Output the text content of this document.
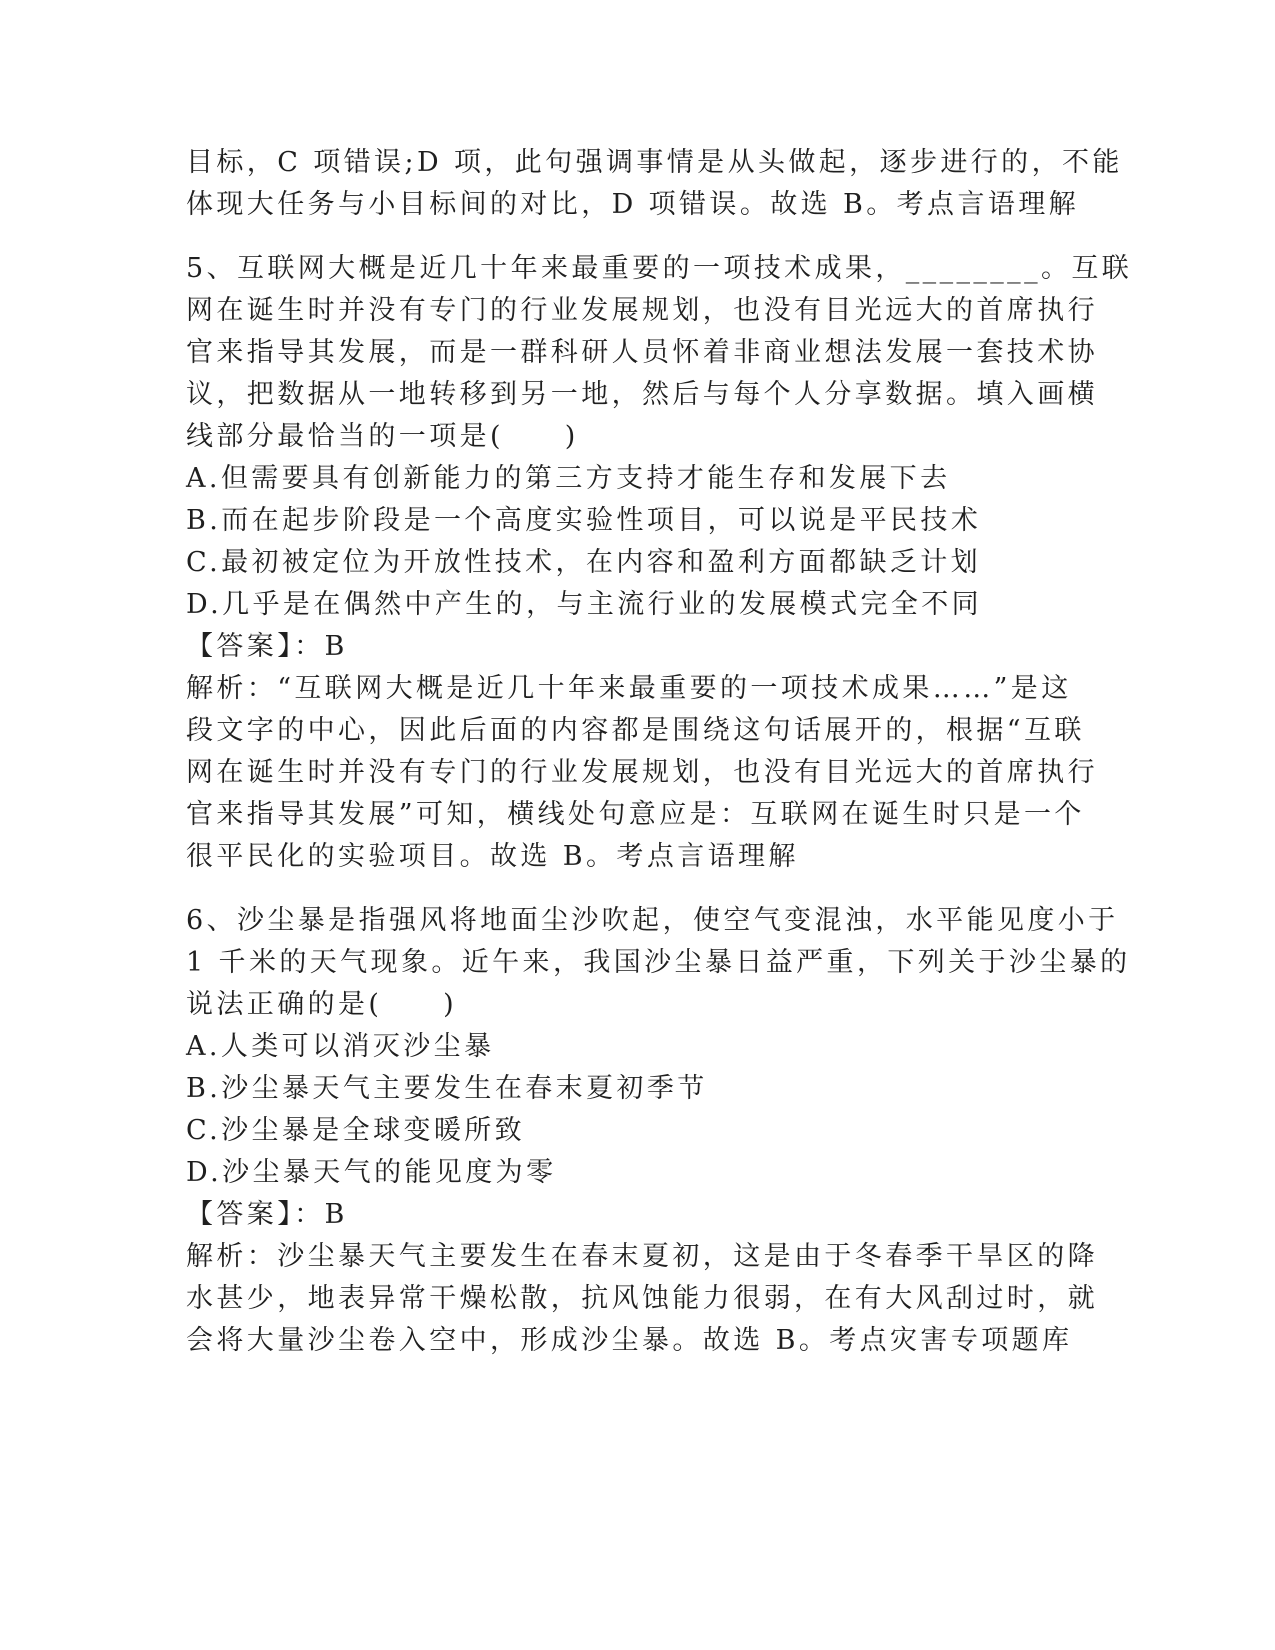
目标，C 项错误;D 项，此句强调事情是从头做起，逐步进行的，不能
体现大任务与小目标间的对比，D 项错误。故选 B。考点言语理解
5、互联网大概是近几十年来最重要的一项技术成果，________。互联
网在诞生时并没有专门的行业发展规划，也没有目光远大的首席执行
官来指导其发展，而是一群科研人员怀着非商业想法发展一套技术协
议，把数据从一地转移到另一地，然后与每个人分享数据。填入画横
线部分最恰当的一项是(　　)
A.但需要具有创新能力的第三方支持才能生存和发展下去
B.而在起步阶段是一个高度实验性项目，可以说是平民技术
C.最初被定位为开放性技术，在内容和盈利方面都缺乏计划
D.几乎是在偶然中产生的，与主流行业的发展模式完全不同
【答案】：B
解析：“互联网大概是近几十年来最重要的一项技术成果……”是这
段文字的中心，因此后面的内容都是围绕这句话展开的，根据“互联
网在诞生时并没有专门的行业发展规划，也没有目光远大的首席执行
官来指导其发展”可知，横线处句意应是：互联网在诞生时只是一个
很平民化的实验项目。故选 B。考点言语理解
6、沙尘暴是指强风将地面尘沙吹起，使空气变混浊，水平能见度小于
1 千米的天气现象。近午来，我国沙尘暴日益严重，下列关于沙尘暴的
说法正确的是(　　)
A.人类可以消灭沙尘暴
B.沙尘暴天气主要发生在春末夏初季节
C.沙尘暴是全球变暖所致
D.沙尘暴天气的能见度为零
【答案】：B
解析：沙尘暴天气主要发生在春末夏初，这是由于冬春季干旱区的降
水甚少，地表异常干燥松散，抗风蚀能力很弱，在有大风刮过时，就
会将大量沙尘卷入空中，形成沙尘暴。故选 B。考点灾害专项题库
